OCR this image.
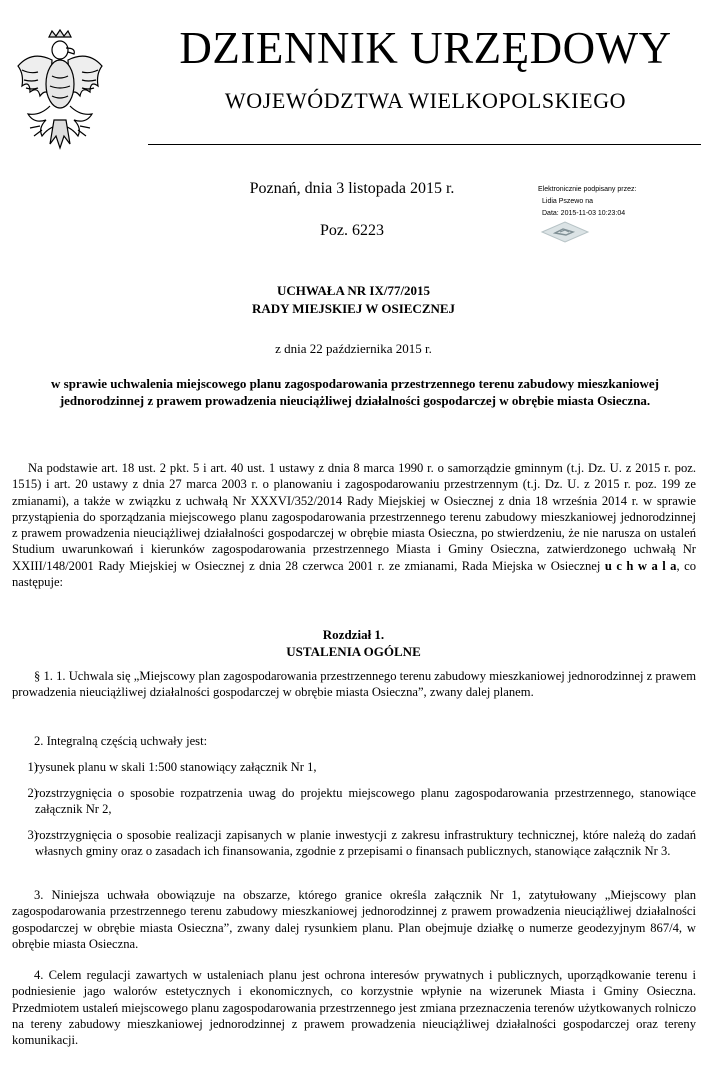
DZIENNIK URZĘDOWY
WOJEWÓDZTWA WIELKOPOLSKIEGO
Poznań, dnia 3 listopada 2015 r.
Poz. 6223
Elektronicznie podpisany przez:
Lidia Pszewo na
Data: 2015-11-03 10:23:04
UCHWAŁA NR IX/77/2015
RADY MIEJSKIEJ W OSIECZNEJ
z dnia 22 października 2015 r.
w sprawie uchwalenia miejscowego planu zagospodarowania przestrzennego terenu zabudowy mieszkaniowej jednorodzinnej z prawem prowadzenia nieuciążliwej działalności gospodarczej w obrębie miasta Osieczna.
Na podstawie art. 18 ust. 2 pkt. 5 i art. 40 ust. 1 ustawy z dnia 8 marca 1990 r. o samorządzie gminnym (t.j. Dz. U. z 2015 r. poz. 1515) i art. 20 ustawy z dnia 27 marca 2003 r. o planowaniu i zagospodarowaniu przestrzennym (t.j. Dz. U. z 2015 r. poz. 199 ze zmianami), a także w związku z uchwałą Nr XXXVI/352/2014 Rady Miejskiej w Osiecznej z dnia 18 września 2014 r. w sprawie przystąpienia do sporządzania miejscowego planu zagospodarowania przestrzennego terenu zabudowy mieszkaniowej jednorodzinnej z prawem prowadzenia nieuciążliwej działalności gospodarczej w obrębie miasta Osieczna, po stwierdzeniu, że nie narusza on ustaleń Studium uwarunkowań i kierunków zagospodarowania przestrzennego Miasta i Gminy Osieczna, zatwierdzonego uchwałą Nr XXIII/148/2001 Rady Miejskiej w Osiecznej z dnia 28 czerwca 2001 r. ze zmianami, Rada Miejska w Osiecznej u c h w a l a, co następuje:
Rozdział 1.
USTALENIA OGÓLNE
§ 1. 1. Uchwala się „Miejscowy plan zagospodarowania przestrzennego terenu zabudowy mieszkaniowej jednorodzinnej z prawem prowadzenia nieuciążliwej działalności gospodarczej w obrębie miasta Osieczna”, zwany dalej planem.
2. Integralną częścią uchwały jest:
1)
rysunek planu w skali 1:500 stanowiący załącznik Nr 1,
2)
rozstrzygnięcia o sposobie rozpatrzenia uwag do projektu miejscowego planu zagospodarowania przestrzennego, stanowiące załącznik Nr 2,
3)
rozstrzygnięcia o sposobie realizacji zapisanych w planie inwestycji z zakresu infrastruktury technicznej, które należą do zadań własnych gminy oraz o zasadach ich finansowania, zgodnie z przepisami o finansach publicznych, stanowiące załącznik Nr 3.
3. Niniejsza uchwała obowiązuje na obszarze, którego granice określa załącznik Nr 1, zatytułowany „Miejscowy plan zagospodarowania przestrzennego terenu zabudowy mieszkaniowej jednorodzinnej z prawem prowadzenia nieuciążliwej działalności gospodarczej w obrębie miasta Osieczna”, zwany dalej rysunkiem planu. Plan obejmuje działkę o numerze geodezyjnym 867/4, w obrębie miasta Osieczna.
4. Celem regulacji zawartych w ustaleniach planu jest ochrona interesów prywatnych i publicznych, uporządkowanie terenu i podniesienie jago walorów estetycznych i ekonomicznych, co korzystnie wpłynie na wizerunek Miasta i Gminy Osieczna. Przedmiotem ustaleń miejscowego planu zagospodarowania przestrzennego jest zmiana przeznaczenia terenów użytkowanych rolniczo na tereny zabudowy mieszkaniowej jednorodzinnej z prawem prowadzenia nieuciążliwej działalności gospodarczej oraz tereny komunikacji.
